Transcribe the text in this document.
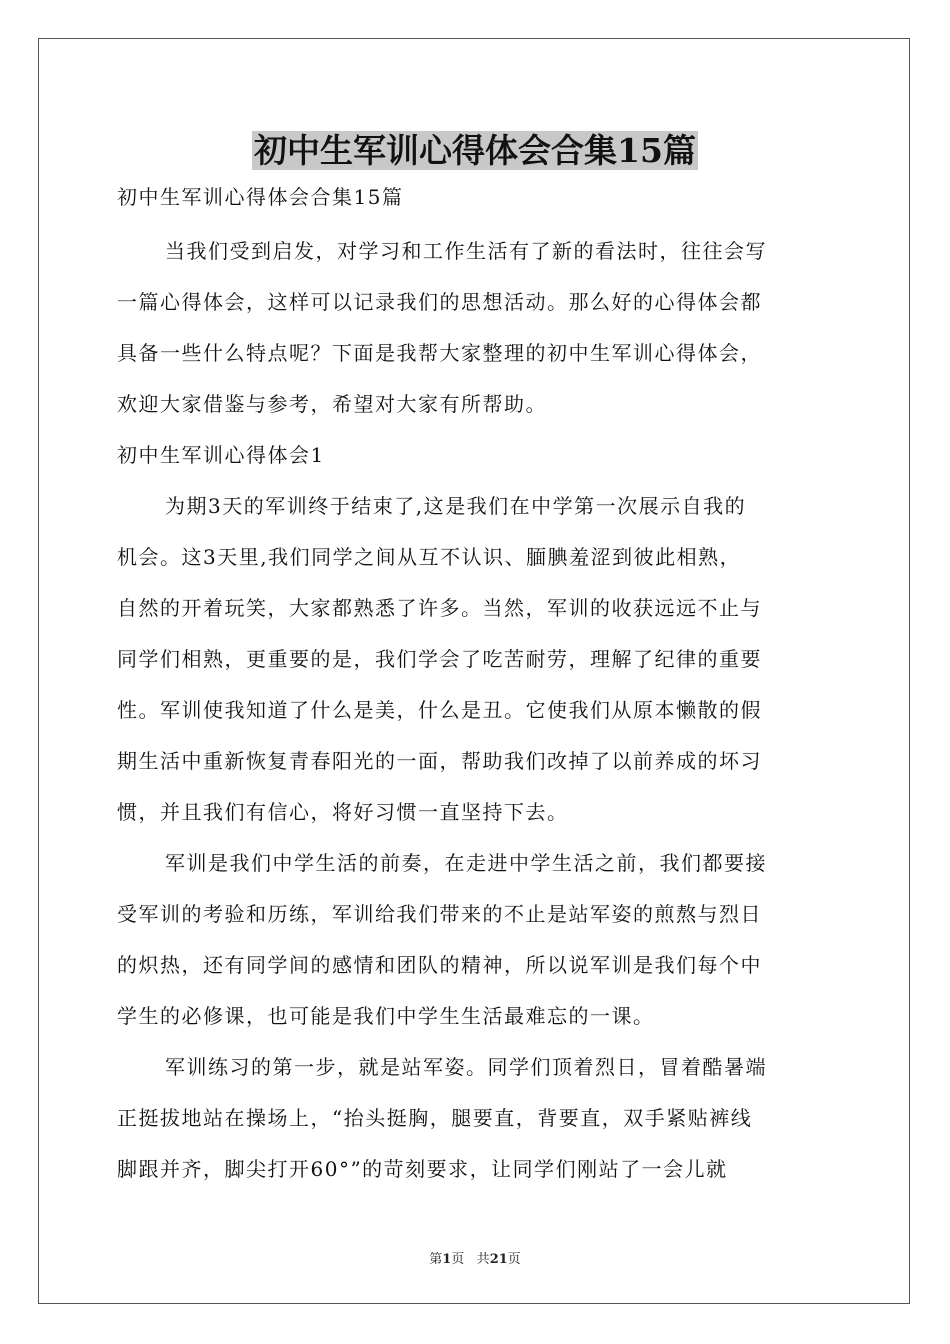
初中生军训心得体会合集15篇

初中生军训心得体会合集15篇

当我们受到启发，对学习和工作生活有了新的看法时，往往会写

一篇心得体会，这样可以记录我们的思想活动。那么好的心得体会都

具备一些什么特点呢？下面是我帮大家整理的初中生军训心得体会，

欢迎大家借鉴与参考，希望对大家有所帮助。

初中生军训心得体会1

为期3天的军训终于结束了,这是我们在中学第一次展示自我的

机会。这3天里,我们同学之间从互不认识、腼腆羞涩到彼此相熟，

自然的开着玩笑，大家都熟悉了许多。当然，军训的收获远远不止与

同学们相熟，更重要的是，我们学会了吃苦耐劳，理解了纪律的重要

性。军训使我知道了什么是美，什么是丑。它使我们从原本懒散的假

期生活中重新恢复青春阳光的一面，帮助我们改掉了以前养成的坏习

惯，并且我们有信心，将好习惯一直坚持下去。

军训是我们中学生活的前奏，在走进中学生活之前，我们都要接

受军训的考验和历练，军训给我们带来的不止是站军姿的煎熬与烈日

的炽热，还有同学间的感情和团队的精神，所以说军训是我们每个中

学生的必修课，也可能是我们中学生生活最难忘的一课。

军训练习的第一步，就是站军姿。同学们顶着烈日，冒着酷暑端

正挺拔地站在操场上，“抬头挺胸，腿要直，背要直，双手紧贴裤线

脚跟并齐，脚尖打开60°”的苛刻要求，让同学们刚站了一会儿就

第1页 共21页
